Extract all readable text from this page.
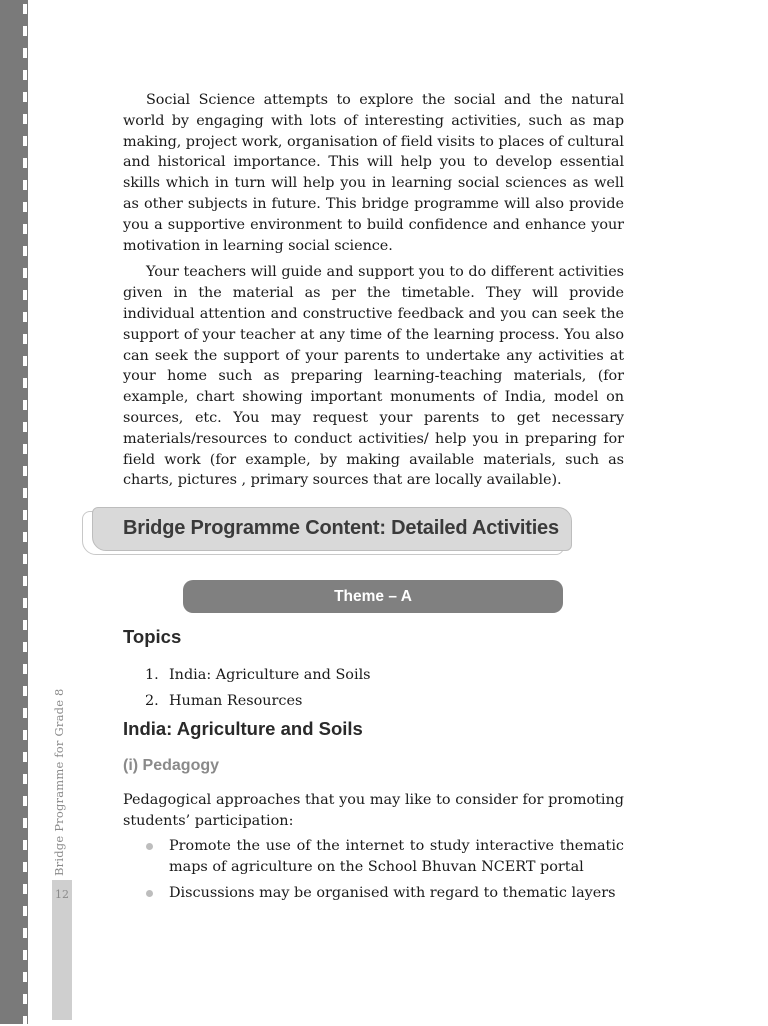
Bridge Programme for Grade 8
12

Social Science attempts to explore the social and the natural world by engaging with lots of interesting activities, such as map making, project work, organisation of field visits to places of cultural and historical importance. This will help you to develop essential skills which in turn will help you in learning social sciences as well as other subjects in future. This bridge programme will also provide you a supportive environment to build confidence and enhance your motivation in learning social science.

Your teachers will guide and support you to do different activities given in the material as per the timetable. They will provide individual attention and constructive feedback and you can seek the support of your teacher at any time of the learning process. You also can seek the support of your parents to undertake any activities at your home such as preparing learning-teaching materials, (for example, chart showing important monuments of India, model on sources, etc. You may request your parents to get necessary materials/resources to conduct activities/ help you in preparing for field work (for example, by making available materials, such as charts, pictures , primary sources that are locally available).

Bridge Programme Content: Detailed Activities
Theme – A
Topics
1. India: Agriculture and Soils
2. Human Resources
India: Agriculture and Soils
(i) Pedagogy

Pedagogical approaches that you may like to consider for promoting students’ participation:

Promote the use of the internet to study interactive thematic maps of agriculture on the School Bhuvan NCERT portal
Discussions may be organised with regard to thematic layers
